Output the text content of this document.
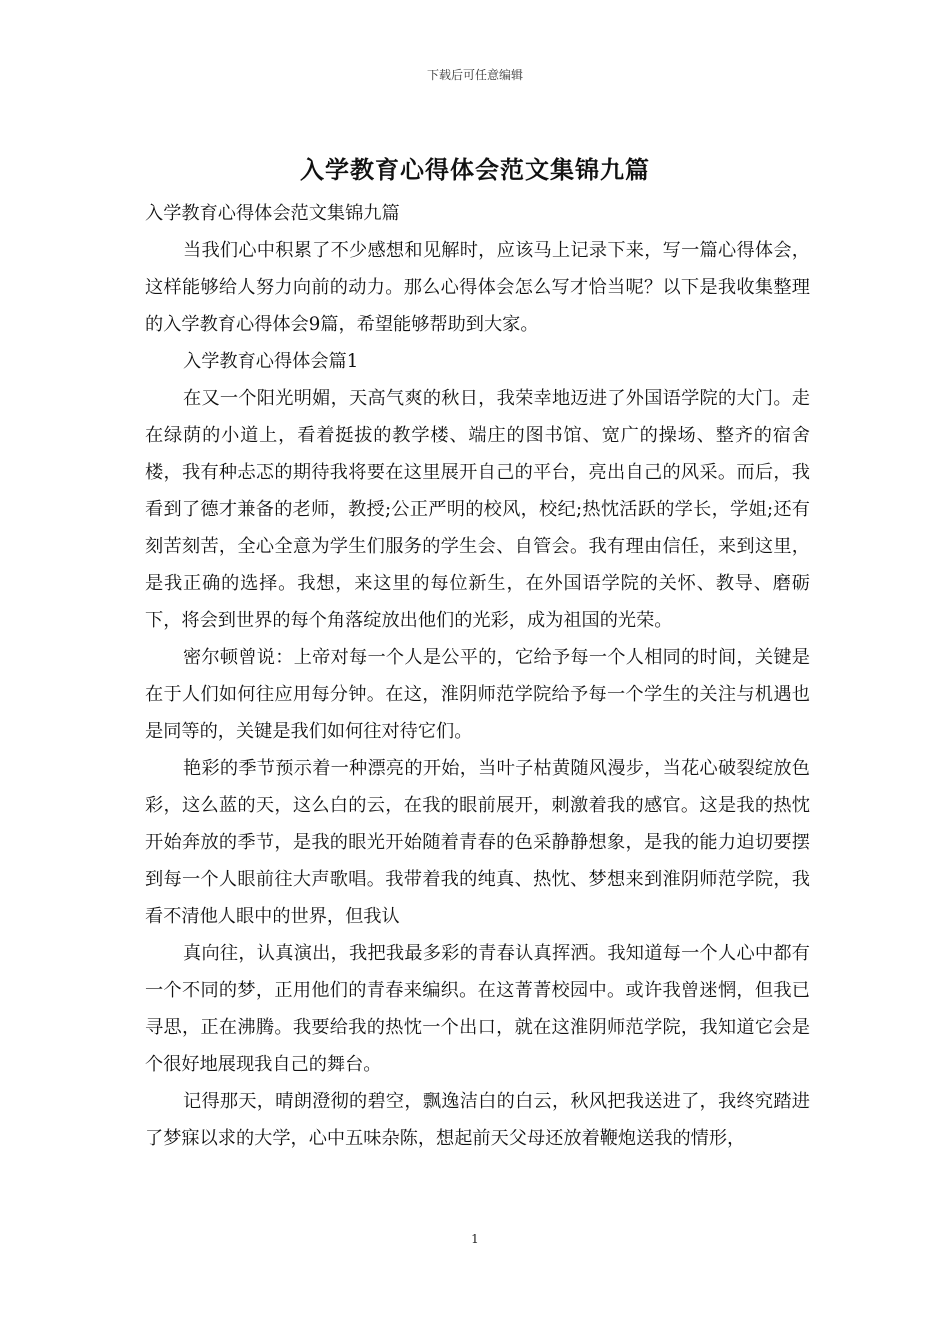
下载后可任意编辑
入学教育心得体会范文集锦九篇

入学教育心得体会范文集锦九篇

当我们心中积累了不少感想和见解时，应该马上记录下来，写一篇心得体会，这样能够给人努力向前的动力。那么心得体会怎么写才恰当呢？以下是我收集整理的入学教育心得体会9篇，希望能够帮助到大家。

入学教育心得体会篇1

在又一个阳光明媚，天高气爽的秋日，我荣幸地迈进了外国语学院的大门。走在绿荫的小道上，看着挺拔的教学楼、端庄的图书馆、宽广的操场、整齐的宿舍楼，我有种忐忑的期待我将要在这里展开自己的平台，亮出自己的风采。而后，我看到了德才兼备的老师，教授;公正严明的校风，校纪;热忱活跃的学长，学姐;还有刻苦刻苦，全心全意为学生们服务的学生会、自管会。我有理由信任，来到这里，是我正确的选择。我想，来这里的每位新生，在外国语学院的关怀、教导、磨砺下，将会到世界的每个角落绽放出他们的光彩，成为祖国的光荣。

密尔顿曾说：上帝对每一个人是公平的，它给予每一个人相同的时间，关键是在于人们如何往应用每分钟。在这，淮阴师范学院给予每一个学生的关注与机遇也是同等的，关键是我们如何往对待它们。

艳彩的季节预示着一种漂亮的开始，当叶子枯黄随风漫步，当花心破裂绽放色彩，这么蓝的天，这么白的云，在我的眼前展开，刺激着我的感官。这是我的热忱开始奔放的季节，是我的眼光开始随着青春的色采静静想象，是我的能力迫切要摆到每一个人眼前往大声歌唱。我带着我的纯真、热忱、梦想来到淮阴师范学院，我看不清他人眼中的世界，但我认

真向往，认真演出，我把我最多彩的青春认真挥洒。我知道每一个人心中都有一个不同的梦，正用他们的青春来编织。在这菁菁校园中。或许我曾迷惘，但我已寻思，正在沸腾。我要给我的热忱一个出口，就在这淮阴师范学院，我知道它会是个很好地展现我自己的舞台。

记得那天，晴朗澄彻的碧空，飘逸洁白的白云，秋风把我送进了，我终究踏进了梦寐以求的大学，心中五味杂陈，想起前天父母还放着鞭炮送我的情形，

1
